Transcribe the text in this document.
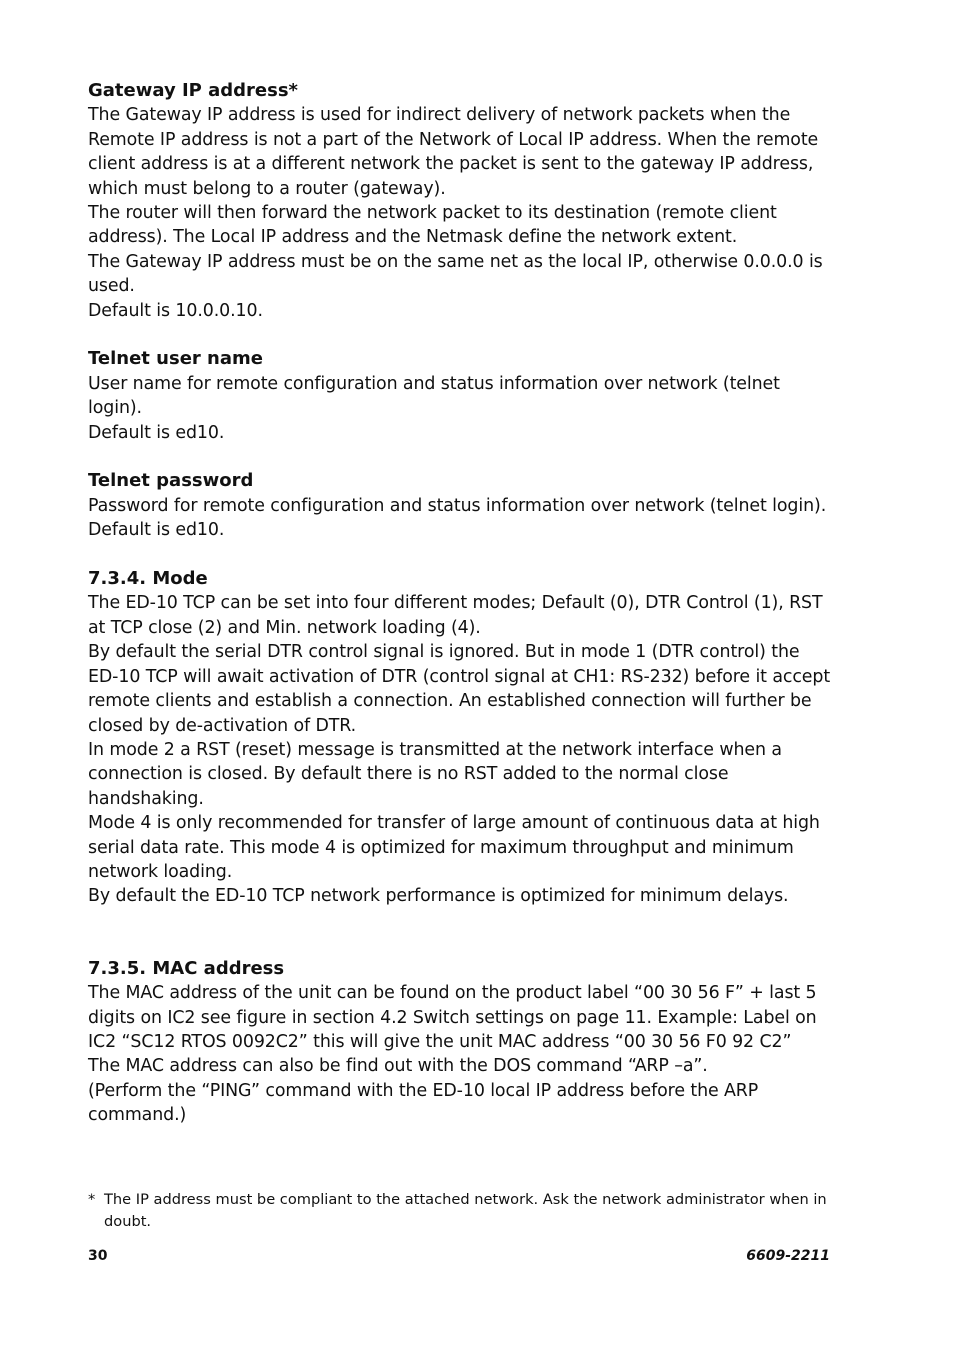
Gateway IP address*

The Gateway IP address is used for indirect delivery of network packets when the Remote IP address is not a part of the Network of Local IP address. When the remote client address is at a different network the packet is sent to the gateway IP address, which must belong to a router (gateway).

The router will then forward the network packet to its destination (remote client address). The Local IP address and the Netmask define the network extent.

The Gateway IP address must be on the same net as the local IP, otherwise 0.0.0.0 is used.

Default is 10.0.0.10.

Telnet user name

User name for remote configuration and status information over network (telnet login).

Default is ed10.

Telnet password

Password for remote configuration and status information over network (telnet login).

Default is ed10.

7.3.4. Mode

The ED-10 TCP can be set into four different modes; Default (0), DTR Control (1), RST at TCP close (2) and Min. network loading (4).

By default the serial DTR control signal is ignored. But in mode 1 (DTR control) the ED-10 TCP will await activation of DTR (control signal at CH1: RS-232) before it accept remote clients and establish a connection. An established connection will further be closed by de-activation of DTR.

In mode 2 a RST (reset) message is transmitted at the network interface when a connection is closed. By default there is no RST added to the normal close handshaking.

Mode 4 is only recommended for transfer of large amount of continuous data at high serial data rate. This mode 4 is optimized for maximum throughput and minimum network loading.

By default the ED-10 TCP network performance is optimized for minimum delays.

7.3.5. MAC address

The MAC address of the unit can be found on the product label “00 30 56 F” + last 5 digits on IC2 see figure in section 4.2 Switch settings on page 11. Example: Label on IC2 “SC12 RTOS 0092C2” this will give the unit MAC address “00 30 56 F0 92 C2”

The MAC address can also be find out with the DOS command “ARP –a”.

(Perform the “PING” command with the ED-10 local IP address before the ARP command.)

* The IP address must be compliant to the attached network. Ask the network administrator when in doubt.
30	6609-2211
